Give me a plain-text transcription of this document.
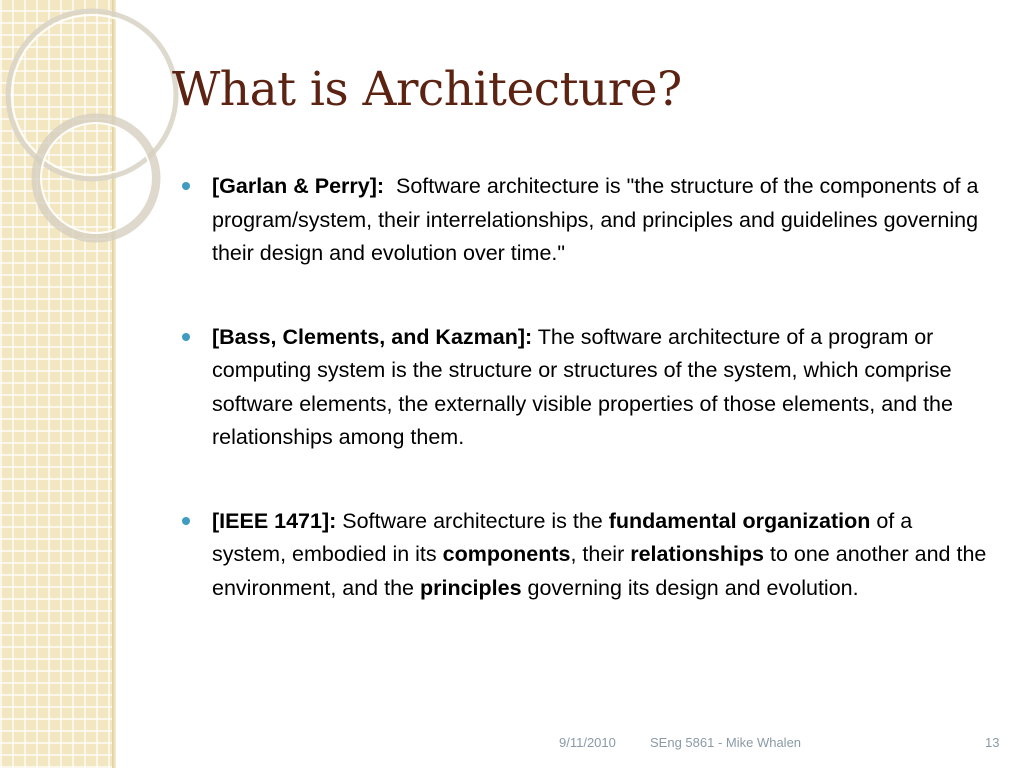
What is Architecture?
[Garlan & Perry]:  Software architecture is "the structure of the components of a program/system, their interrelationships, and principles and guidelines governing their design and evolution over time."
[Bass, Clements, and Kazman]: The software architecture of a program or computing system is the structure or structures of the system, which comprise software elements, the externally visible properties of those elements, and the relationships among them.
[IEEE 1471]: Software architecture is the fundamental organization of a system, embodied in its components, their relationships to one another and the environment, and the principles governing its design and evolution.
9/11/2010	SEng 5861 - Mike Whalen	13
